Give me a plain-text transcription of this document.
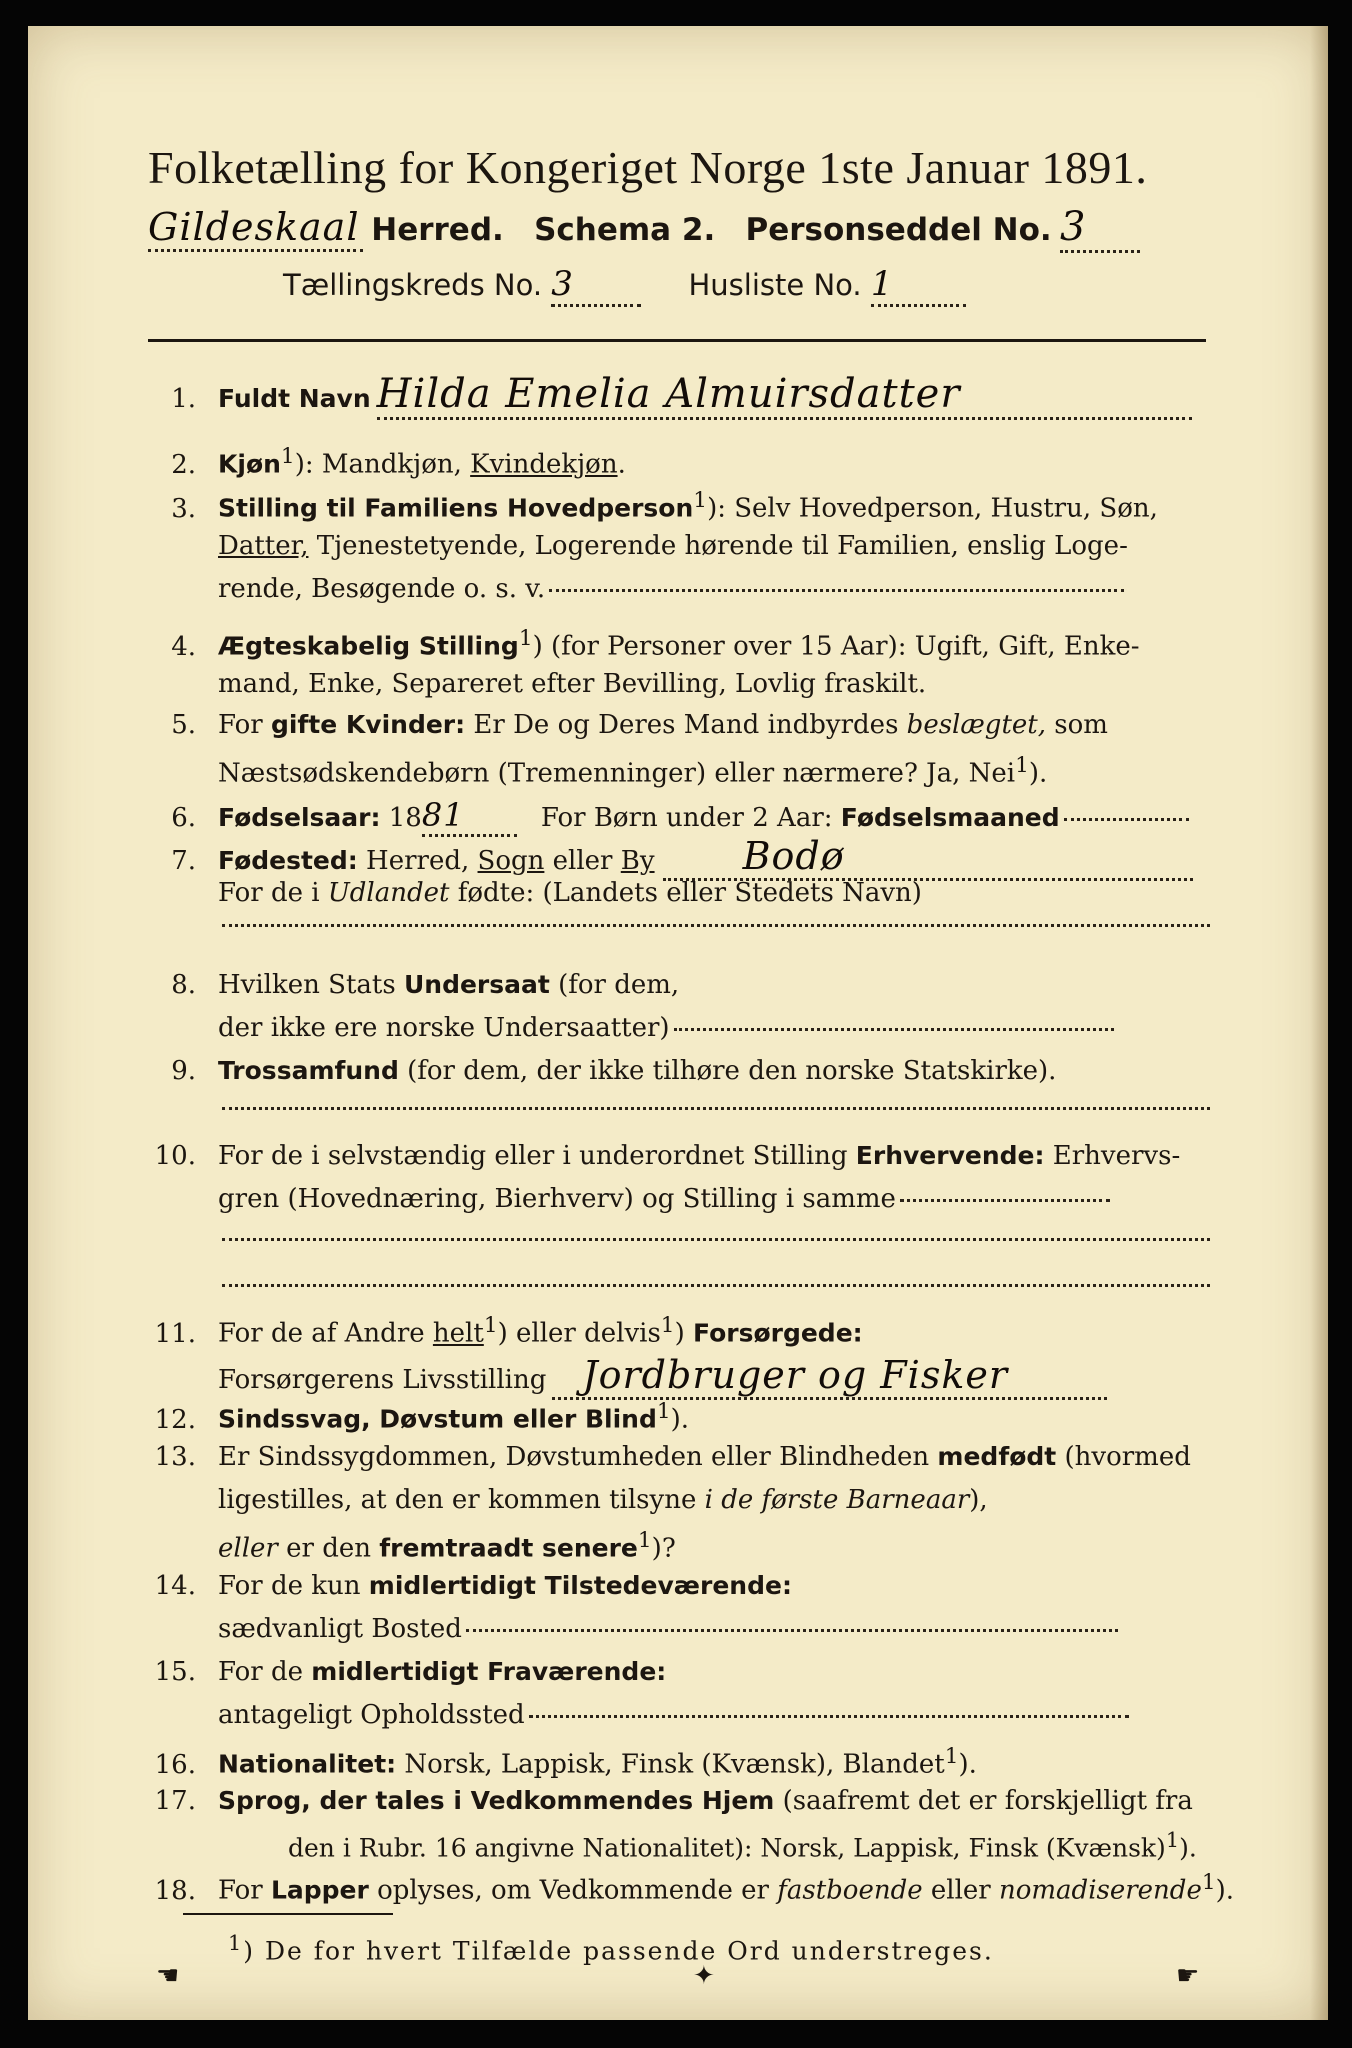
Folketælling for Kongeriget Norge 1ste Januar 1891.
Gildeskaal Herred. Schema 2. Personseddel No. 3
Tællingskreds No. 3	Husliste No. 1
1. Fuldt Navn Hilda Emelia Almuirsdatter
2. Kjøn$^1$): Mandkjøn, Kvindekjøn.
3. Stilling til Familiens Hovedperson$^1$): Selv Hovedperson, Hustru, Søn,
Datter, Tjenestetyende, Logerende hørende til Familien, enslig Loge-
rende, Besøgende o. s. v.
4. Ægteskabelig Stilling$^1$) (for Personer over 15 Aar): Ugift, Gift, Enke-
mand, Enke, Separeret efter Bevilling, Lovlig fraskilt.
5. For gifte Kvinder: Er De og Deres Mand indbyrdes beslægtet, som
Næstsødskendebørn (Tremenninger) eller nærmere? Ja, Nei$^1$).
6. Fødselsaar: 1881	For Børn under 2 Aar: Fødselsmaaned
7. Fødested: Herred, Sogn eller By Bodø
For de i Udlandet fødte: (Landets eller Stedets Navn)
8. Hvilken Stats Undersaat (for dem,
der ikke ere norske Undersaatter)
9. Trossamfund (for dem, der ikke tilhøre den norske Statskirke).
10. For de i selvstændig eller i underordnet Stilling Erhvervende: Erhvervs-
gren (Hovednæring, Bierhverv) og Stilling i samme
11. For de af Andre helt$^1$) eller delvis$^1$) Forsørgede:
Forsørgerens Livsstilling Jordbruger og Fisker
12. Sindssvag, Døvstum eller Blind$^1$).
13. Er Sindssygdommen, Døvstumheden eller Blindheden medfødt (hvormed
ligestilles, at den er kommen tilsyne i de første Barneaar),
eller er den fremtraadt senere$^1$)?
14. For de kun midlertidigt Tilstedeværende:
sædvanligt Bosted
15. For de midlertidigt Fraværende:
antageligt Opholdssted
16. Nationalitet: Norsk, Lappisk, Finsk (Kvænsk), Blandet$^1$).
17. Sprog, der tales i Vedkommendes Hjem (saafremt det er forskjelligt fra
den i Rubr. 16 angivne Nationalitet): Norsk, Lappisk, Finsk (Kvænsk)$^1$).
18. For Lapper oplyses, om Vedkommende er fastboende eller nomadiserende$^1$).
$^1$) De for hvert Tilfælde passende Ord understreges.
☚	✦	☛
